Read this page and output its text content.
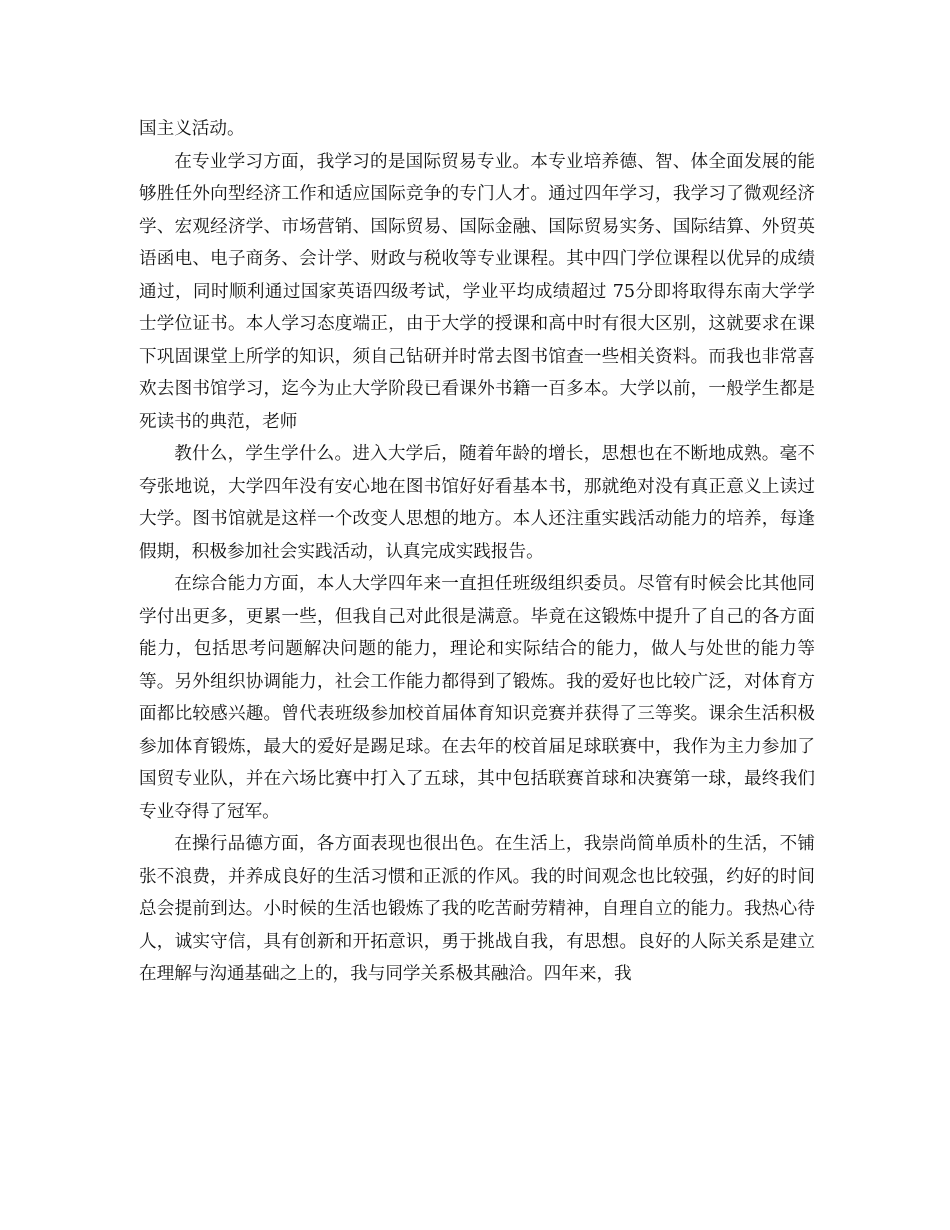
国主义活动。

在专业学习方面，我学习的是国际贸易专业。本专业培养德、智、体全面发展的能够胜任外向型经济工作和适应国际竞争的专门人才。通过四年学习，我学习了微观经济学、宏观经济学、市场营销、国际贸易、国际金融、国际贸易实务、国际结算、外贸英语函电、电子商务、会计学、财政与税收等专业课程。其中四门学位课程以优异的成绩通过，同时顺利通过国家英语四级考试，学业平均成绩超过 75分即将取得东南大学学士学位证书。本人学习态度端正，由于大学的授课和高中时有很大区别，这就要求在课下巩固课堂上所学的知识，须自己钻研并时常去图书馆查一些相关资料。而我也非常喜欢去图书馆学习，迄今为止大学阶段已看课外书籍一百多本。大学以前，一般学生都是死读书的典范，老师

教什么，学生学什么。进入大学后，随着年龄的增长，思想也在不断地成熟。毫不夸张地说，大学四年没有安心地在图书馆好好看基本书，那就绝对没有真正意义上读过大学。图书馆就是这样一个改变人思想的地方。本人还注重实践活动能力的培养，每逢假期，积极参加社会实践活动，认真完成实践报告。

在综合能力方面，本人大学四年来一直担任班级组织委员。尽管有时候会比其他同学付出更多，更累一些，但我自己对此很是满意。毕竟在这锻炼中提升了自己的各方面能力，包括思考问题解决问题的能力，理论和实际结合的能力，做人与处世的能力等等。另外组织协调能力，社会工作能力都得到了锻炼。我的爱好也比较广泛，对体育方面都比较感兴趣。曾代表班级参加校首届体育知识竞赛并获得了三等奖。课余生活积极参加体育锻炼，最大的爱好是踢足球。在去年的校首届足球联赛中，我作为主力参加了国贸专业队，并在六场比赛中打入了五球，其中包括联赛首球和决赛第一球，最终我们专业夺得了冠军。

在操行品德方面，各方面表现也很出色。在生活上，我崇尚简单质朴的生活，不铺张不浪费，并养成良好的生活习惯和正派的作风。我的时间观念也比较强，约好的时间总会提前到达。小时候的生活也锻炼了我的吃苦耐劳精神，自理自立的能力。我热心待人，诚实守信，具有创新和开拓意识，勇于挑战自我，有思想。良好的人际关系是建立在理解与沟通基础之上的，我与同学关系极其融洽。四年来，我
